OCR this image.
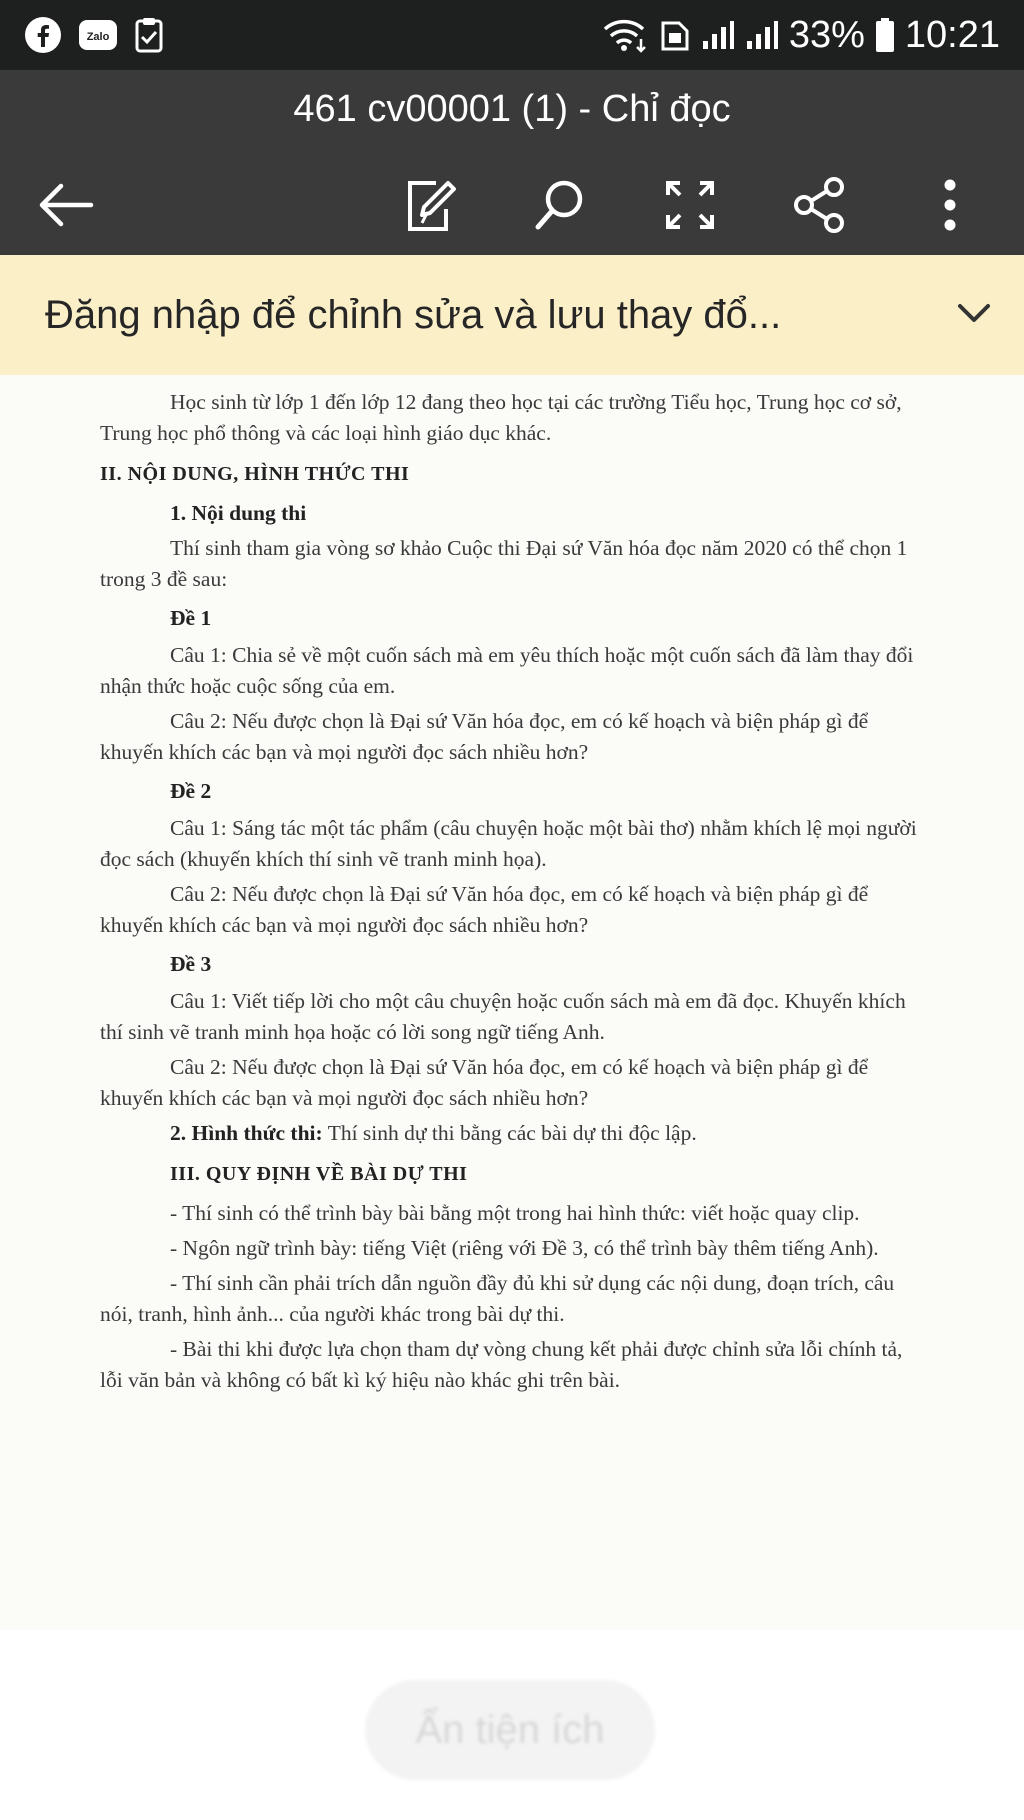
Zalo	33% 10:21
461 cv00001 (1) - Chỉ đọc
Đăng nhập để chỉnh sửa và lưu thay đổ...

Học sinh từ lớp 1 đến lớp 12 đang theo học tại các trường Tiểu học, Trung học cơ sở, Trung học phổ thông và các loại hình giáo dục khác.

II. NỘI DUNG, HÌNH THỨC THI

1. Nội dung thi

Thí sinh tham gia vòng sơ khảo Cuộc thi Đại sứ Văn hóa đọc năm 2020 có thể chọn 1 trong 3 đề sau:

Đề 1

Câu 1: Chia sẻ về một cuốn sách mà em yêu thích hoặc một cuốn sách đã làm thay đổi nhận thức hoặc cuộc sống của em.

Câu 2: Nếu được chọn là Đại sứ Văn hóa đọc, em có kế hoạch và biện pháp gì để khuyến khích các bạn và mọi người đọc sách nhiều hơn?

Đề 2

Câu 1: Sáng tác một tác phẩm (câu chuyện hoặc một bài thơ) nhằm khích lệ mọi người đọc sách (khuyến khích thí sinh vẽ tranh minh họa).

Câu 2: Nếu được chọn là Đại sứ Văn hóa đọc, em có kế hoạch và biện pháp gì để khuyến khích các bạn và mọi người đọc sách nhiều hơn?

Đề 3

Câu 1: Viết tiếp lời cho một câu chuyện hoặc cuốn sách mà em đã đọc. Khuyến khích thí sinh vẽ tranh minh họa hoặc có lời song ngữ tiếng Anh.

Câu 2: Nếu được chọn là Đại sứ Văn hóa đọc, em có kế hoạch và biện pháp gì để khuyến khích các bạn và mọi người đọc sách nhiều hơn?

2. Hình thức thi: Thí sinh dự thi bằng các bài dự thi độc lập.

III. QUY ĐỊNH VỀ BÀI DỰ THI

- Thí sinh có thể trình bày bài bằng một trong hai hình thức: viết hoặc quay clip.

- Ngôn ngữ trình bày: tiếng Việt (riêng với Đề 3, có thể trình bày thêm tiếng Anh).

- Thí sinh cần phải trích dẫn nguồn đầy đủ khi sử dụng các nội dung, đoạn trích, câu nói, tranh, hình ảnh... của người khác trong bài dự thi.

- Bài thi khi được lựa chọn tham dự vòng chung kết phải được chỉnh sửa lỗi chính tả, lỗi văn bản và không có bất kì ký hiệu nào khác ghi trên bài.

Ẩn tiện ích
